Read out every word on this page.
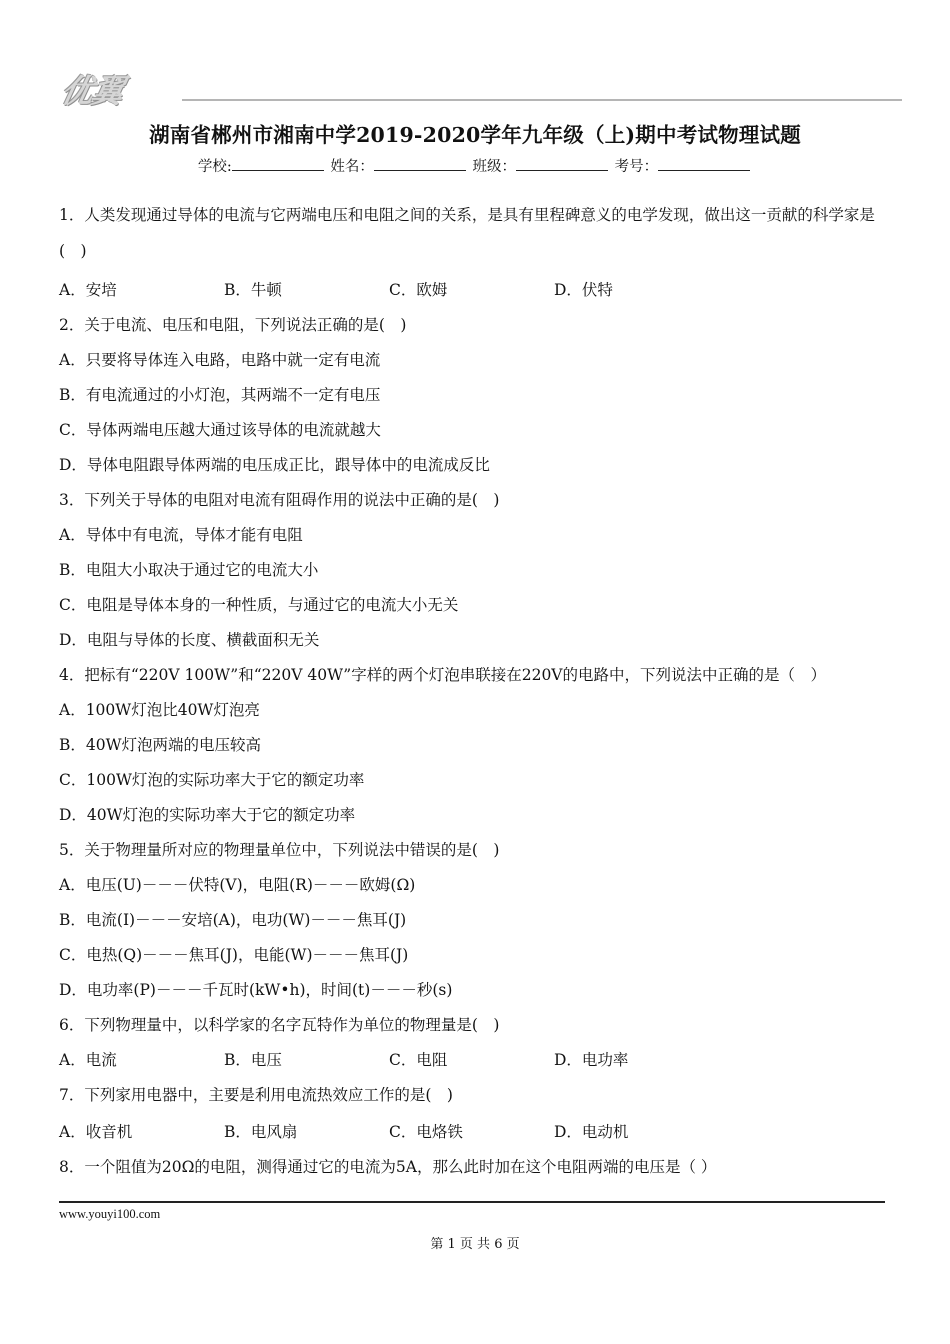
优翼
湖南省郴州市湘南中学2019-2020学年九年级（上)期中考试物理试题
学校:	姓名：	班级：	考号：
1．人类发现通过导体的电流与它两端电压和电阻之间的关系，是具有里程碑意义的电学发现，做出这一贡献的科学家是(　)
A．安培	B．牛顿	C．欧姆	D．伏特
2．关于电流、电压和电阻，下列说法正确的是(　)
A．只要将导体连入电路，电路中就一定有电流
B．有电流通过的小灯泡，其两端不一定有电压
C．导体两端电压越大通过该导体的电流就越大
D．导体电阻跟导体两端的电压成正比，跟导体中的电流成反比
3．下列关于导体的电阻对电流有阻碍作用的说法中正确的是(　)
A．导体中有电流，导体才能有电阻
B．电阻大小取决于通过它的电流大小
C．电阻是导体本身的一种性质，与通过它的电流大小无关
D．电阻与导体的长度、横截面积无关
4．把标有“220V 100W”和“220V 40W”字样的两个灯泡串联接在220V的电路中，下列说法中正确的是（　）
A．100W灯泡比40W灯泡亮
B．40W灯泡两端的电压较高
C．100W灯泡的实际功率大于它的额定功率
D．40W灯泡的实际功率大于它的额定功率
5．关于物理量所对应的物理量单位中，下列说法中错误的是(　)
A．电压(U)－－－伏特(V)，电阻(R)－－－欧姆(Ω)
B．电流(I)－－－安培(A)，电功(W)－－－焦耳(J)
C．电热(Q)－－－焦耳(J)，电能(W)－－－焦耳(J)
D．电功率(P)－－－千瓦时(kW•h)，时间(t)－－－秒(s)
6．下列物理量中，以科学家的名字瓦特作为单位的物理量是(　)
A．电流	B．电压	C．电阻	D．电功率
7．下列家用电器中，主要是利用电流热效应工作的是(　)
A．收音机	B．电风扇	C．电烙铁	D．电动机
8．一个阻值为20Ω的电阻，测得通过它的电流为5A，那么此时加在这个电阻两端的电压是（ ）
www.youyi100.com
第 1 页 共 6 页
